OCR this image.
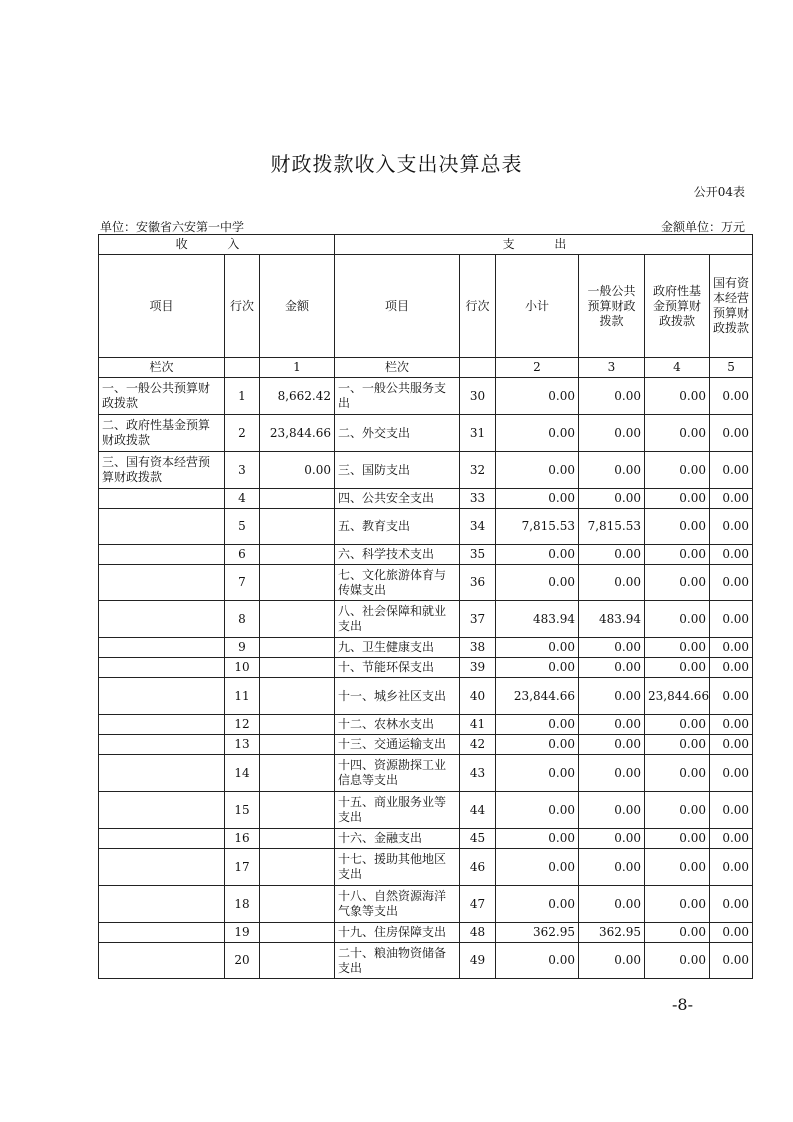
财政拨款收入支出决算总表
公开04表
单位：安徽省六安第一中学	金额单位：万元
收 入			支 出					
项目	行次	金额	项目	行次	小计	一般公共预算财政拨款	政府性基金预算财政拨款	国有资本经营预算财政拨款
栏次		1	栏次		2	3	4	5
一、一般公共预算财政拨款	1	8,662.42	一、一般公共服务支出	30	0.00	0.00	0.00	0.00
二、政府性基金预算财政拨款	2	23,844.66	二、外交支出	31	0.00	0.00	0.00	0.00
三、国有资本经营预算财政拨款	3	0.00	三、国防支出	32	0.00	0.00	0.00	0.00
	4		四、公共安全支出	33	0.00	0.00	0.00	0.00
	5		五、教育支出	34	7,815.53	7,815.53	0.00	0.00
	6		六、科学技术支出	35	0.00	0.00	0.00	0.00
	7		七、文化旅游体育与传媒支出	36	0.00	0.00	0.00	0.00
	8		八、社会保障和就业支出	37	483.94	483.94	0.00	0.00
	9		九、卫生健康支出	38	0.00	0.00	0.00	0.00
	10		十、节能环保支出	39	0.00	0.00	0.00	0.00
	11		十一、城乡社区支出	40	23,844.66	0.00	23,844.66	0.00
	12		十二、农林水支出	41	0.00	0.00	0.00	0.00
	13		十三、交通运输支出	42	0.00	0.00	0.00	0.00
	14		十四、资源勘探工业信息等支出	43	0.00	0.00	0.00	0.00
	15		十五、商业服务业等支出	44	0.00	0.00	0.00	0.00
	16		十六、金融支出	45	0.00	0.00	0.00	0.00
	17		十七、援助其他地区支出	46	0.00	0.00	0.00	0.00
	18		十八、自然资源海洋气象等支出	47	0.00	0.00	0.00	0.00
	19		十九、住房保障支出	48	362.95	362.95	0.00	0.00
	20		二十、粮油物资储备支出	49	0.00	0.00	0.00	0.00
-8-
